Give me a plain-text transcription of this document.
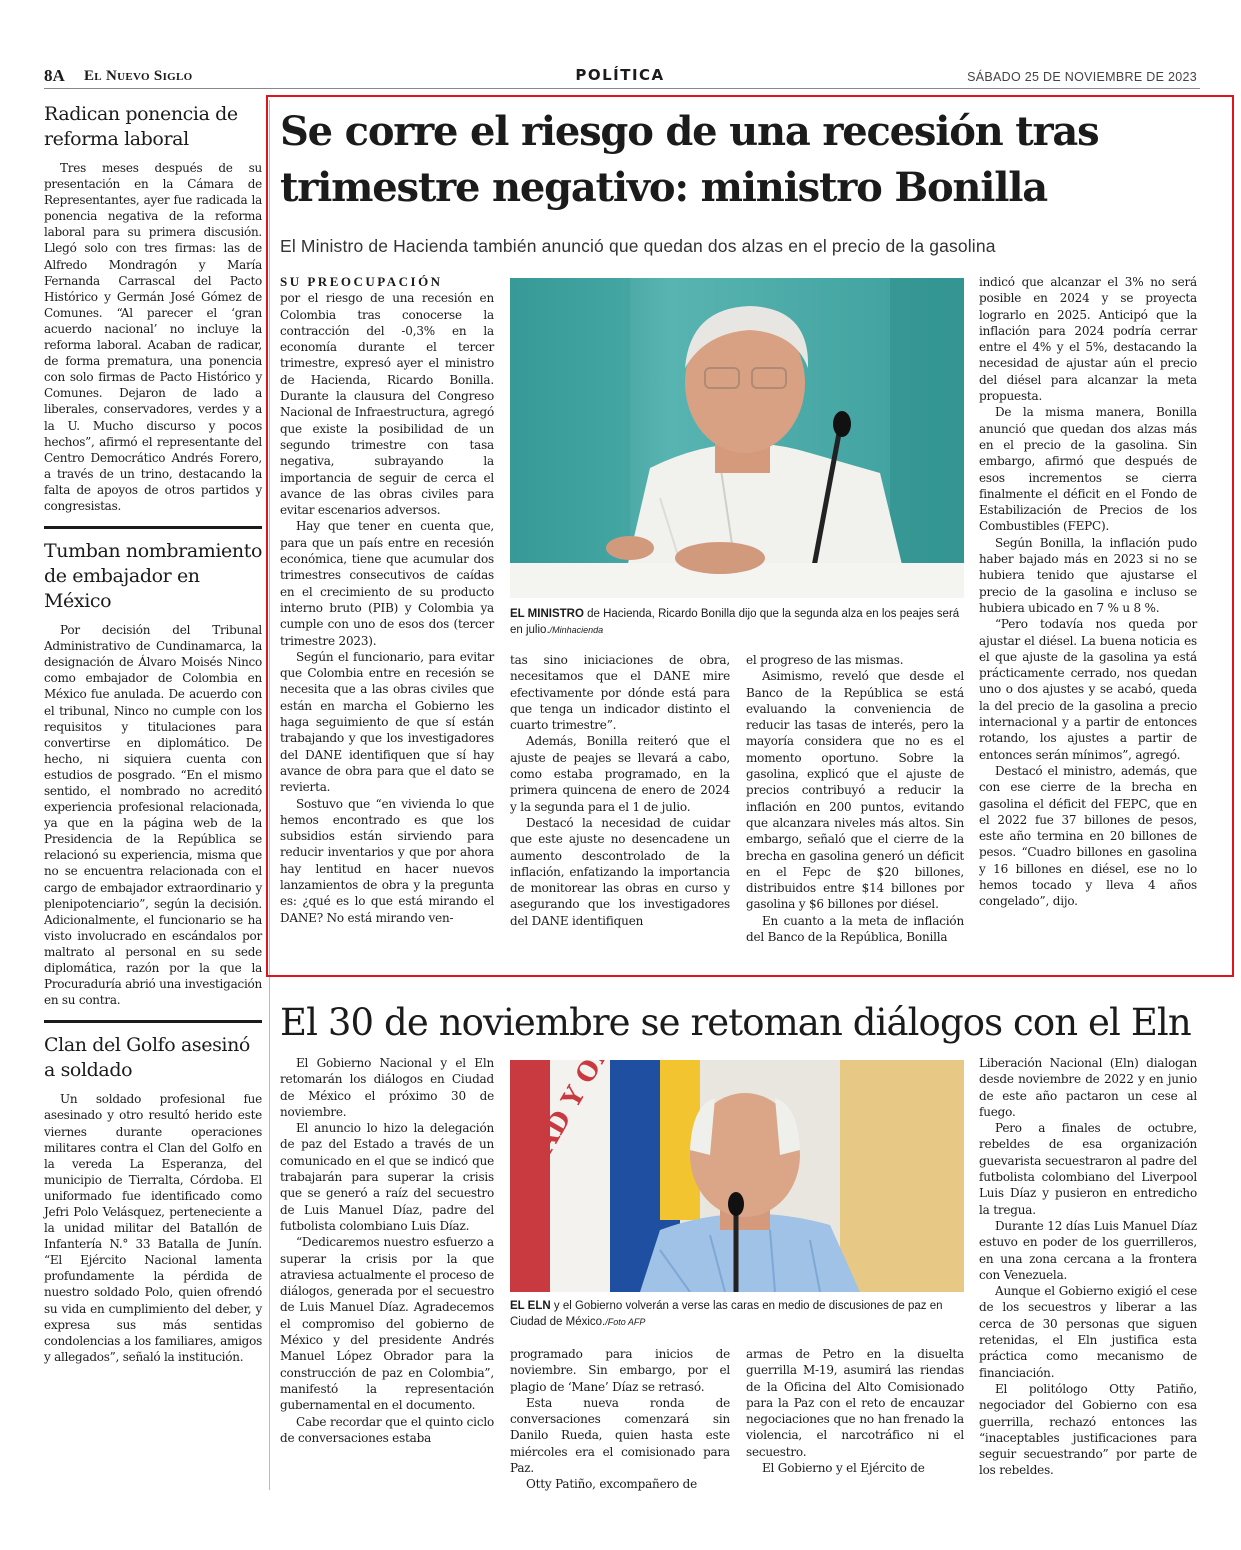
8A El Nuevo Siglo	POLÍTICA	SÁBADO 25 DE NOVIEMBRE DE 2023
Radican ponencia de reforma laboral
Tres meses después de su presentación en la Cámara de Representantes, ayer fue radicada la ponencia negativa de la reforma laboral para su primera discusión. Llegó solo con tres firmas: las de Alfredo Mondragón y María Fernanda Carrascal del Pacto Histórico y Germán José Gómez de Comunes. “Al parecer el ‘gran acuerdo nacional’ no incluye la reforma laboral. Acaban de radicar, de forma prematura, una ponencia con solo firmas de Pacto Histórico y Comunes. Dejaron de lado a liberales, conservadores, verdes y a la U. Mucho discurso y pocos hechos”, afirmó el representante del Centro Democrático Andrés Forero, a través de un trino, destacando la falta de apoyos de otros partidos y congresistas.
Tumban nombramiento de embajador en México
Por decisión del Tribunal Administrativo de Cundinamarca, la designación de Álvaro Moisés Ninco como embajador de Colombia en México fue anulada. De acuerdo con el tribunal, Ninco no cumple con los requisitos y titulaciones para convertirse en diplomático. De hecho, ni siquiera cuenta con estudios de posgrado. “En el mismo sentido, el nombrado no acreditó experiencia profesional relacionada, ya que en la página web de la Presidencia de la República se relacionó su experiencia, misma que no se encuentra relacionada con el cargo de embajador extraordinario y plenipotenciario”, según la decisión. Adicionalmente, el funcionario se ha visto involucrado en escándalos por maltrato al personal en su sede diplomática, razón por la que la Procuraduría abrió una investigación en su contra.
Clan del Golfo asesinó a soldado
Un soldado profesional fue asesinado y otro resultó herido este viernes durante operaciones militares contra el Clan del Golfo en la vereda La Esperanza, del municipio de Tierralta, Córdoba. El uniformado fue identificado como Jefri Polo Velásquez, perteneciente a la unidad militar del Batallón de Infantería N.° 33 Batalla de Junín. “El Ejército Nacional lamenta profundamente la pérdida de nuestro soldado Polo, quien ofrendó su vida en cumplimiento del deber, y expresa sus más sentidas condolencias a los familiares, amigos y allegados”, señaló la institución.
Se corre el riesgo de una recesión tras trimestre negativo: ministro Bonilla
El Ministro de Hacienda también anunció que quedan dos alzas en el precio de la gasolina

SU PREOCUPACIÓN
por el riesgo de una recesión en Colombia tras conocerse la contracción del -0,3% en la economía durante el tercer trimestre, expresó ayer el ministro de Hacienda, Ricardo Bonilla. Durante la clausura del Congreso Nacional de Infraestructura, agregó que existe la posibilidad de un segundo trimestre con tasa negativa, subrayando la importancia de seguir de cerca el avance de las obras civiles para evitar escenarios adversos.

Hay que tener en cuenta que, para que un país entre en recesión económica, tiene que acumular dos trimestres consecutivos de caídas en el crecimiento de su producto interno bruto (PIB) y Colombia ya cumple con uno de esos dos (tercer trimestre 2023).

Según el funcionario, para evitar que Colombia entre en recesión se necesita que a las obras civiles que están en marcha el Gobierno les haga seguimiento de que sí están trabajando y que los investigadores del DANE identifiquen que sí hay avance de obra para que el dato se revierta.

Sostuvo que “en vivienda lo que hemos encontrado es que los subsidios están sirviendo para reducir inventarios y que por ahora hay lentitud en hacer nuevos lanzamientos de obra y la pregunta es: ¿qué es lo que está mirando el DANE? No está mirando ven-

EL MINISTRO de Hacienda, Ricardo Bonilla dijo que la segunda alza en los peajes será en julio./Minhacienda

tas sino iniciaciones de obra, necesitamos que el DANE mire efectivamente por dónde está para que tenga un indicador distinto el cuarto trimestre”.

Además, Bonilla reiteró que el ajuste de peajes se llevará a cabo, como estaba programado, en la primera quincena de enero de 2024 y la segunda para el 1 de julio.

Destacó la necesidad de cuidar que este ajuste no desencadene un aumento descontrolado de la inflación, enfatizando la importancia de monitorear las obras en curso y asegurando que los investigadores del DANE identifiquen

el progreso de las mismas.

Asimismo, reveló que desde el Banco de la República se está evaluando la conveniencia de reducir las tasas de interés, pero la mayoría considera que no es el momento oportuno. Sobre la gasolina, explicó que el ajuste de precios contribuyó a reducir la inflación en 200 puntos, evitando que alcanzara niveles más altos. Sin embargo, señaló que el cierre de la brecha en gasolina generó un déficit en el Fepc de $20 billones, distribuidos entre $14 billones por gasolina y $6 billones por diésel.

En cuanto a la meta de inflación del Banco de la República, Bonilla

indicó que alcanzar el 3% no será posible en 2024 y se proyecta lograrlo en 2025. Anticipó que la inflación para 2024 podría cerrar entre el 4% y el 5%, destacando la necesidad de ajustar aún el precio del diésel para alcanzar la meta propuesta.

De la misma manera, Bonilla anunció que quedan dos alzas más en el precio de la gasolina. Sin embargo, afirmó que después de esos incrementos se cierra finalmente el déficit en el Fondo de Estabilización de Precios de los Combustibles (FEPC).

Según Bonilla, la inflación pudo haber bajado más en 2023 si no se hubiera tenido que ajustarse el precio de la gasolina e incluso se hubiera ubicado en 7 % u 8 %.

“Pero todavía nos queda por ajustar el diésel. La buena noticia es el que ajuste de la gasolina ya está prácticamente cerrado, nos quedan uno o dos ajustes y se acabó, queda la del precio de la gasolina a precio internacional y a partir de entonces rotando, los ajustes a partir de entonces serán mínimos”, agregó.

Destacó el ministro, además, que con ese cierre de la brecha en gasolina el déficit del FEPC, que en el 2022 fue 37 billones de pesos, este año termina en 20 billones de pesos. “Cuadro billones en gasolina y 16 billones en diésel, ese no lo hemos tocado y lleva 4 años congelado”, dijo.

El 30 de noviembre se retoman diálogos con el Eln

El Gobierno Nacional y el Eln retomarán los diálogos en Ciudad de México el próximo 30 de noviembre.

El anuncio lo hizo la delegación de paz del Estado a través de un comunicado en el que se indicó que trabajarán para superar la crisis que se generó a raíz del secuestro de Luis Manuel Díaz, padre del futbolista colombiano Luis Díaz.

“Dedicaremos nuestro esfuerzo a superar la crisis por la que atraviesa actualmente el proceso de diálogos, generada por el secuestro de Luis Manuel Díaz. Agradecemos el compromiso del gobierno de México y del presidente Andrés Manuel López Obrador para la construcción de paz en Colombia”, manifestó la representación gubernamental en el documento.

Cabe recordar que el quinto ciclo de conversaciones estaba

TAD Y
EL ELN y el Gobierno volverán a verse las caras en medio de discusiones de paz en Ciudad de México./Foto AFP

programado para inicios de noviembre. Sin embargo, por el plagio de ‘Mane’ Díaz se retrasó.

Esta nueva ronda de conversaciones comenzará sin Danilo Rueda, quien hasta este miércoles era el comisionado para Paz.

Otty Patiño, excompañero de

armas de Petro en la disuelta guerrilla M-19, asumirá las riendas de la Oficina del Alto Comisionado para la Paz con el reto de encauzar negociaciones que no han frenado la violencia, el narcotráfico ni el secuestro.

El Gobierno y el Ejército de

Liberación Nacional (Eln) dialogan desde noviembre de 2022 y en junio de este año pactaron un cese al fuego.

Pero a finales de octubre, rebeldes de esa organización guevarista secuestraron al padre del futbolista colombiano del Liverpool Luis Díaz y pusieron en entredicho la tregua.

Durante 12 días Luis Manuel Díaz estuvo en poder de los guerrilleros, en una zona cercana a la frontera con Venezuela.

Aunque el Gobierno exigió el cese de los secuestros y liberar a las cerca de 30 personas que siguen retenidas, el Eln justifica esta práctica como mecanismo de financiación.

El politólogo Otty Patiño, negociador del Gobierno con esa guerrilla, rechazó entonces las “inaceptables justificaciones para seguir secuestrando” por parte de los rebeldes.
